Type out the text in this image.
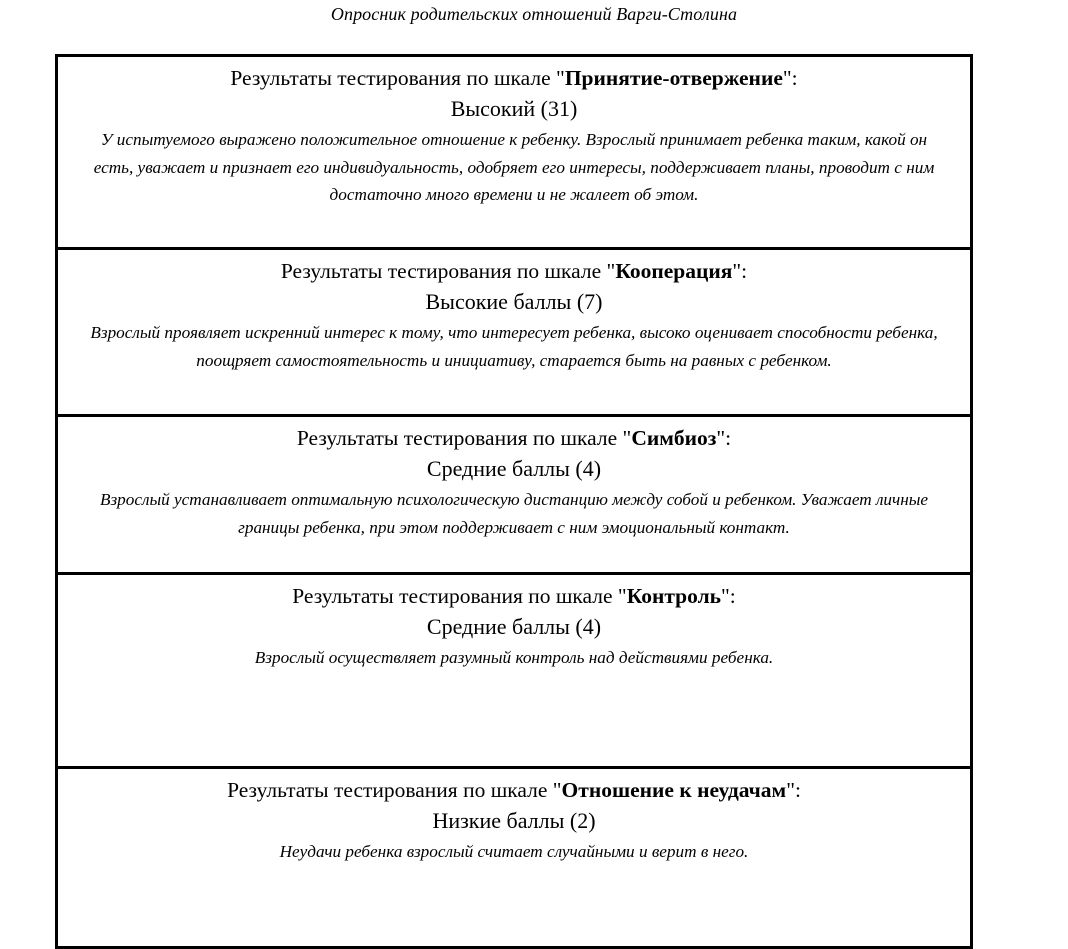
Опросник родительских отношений Варги-Столина

Результаты тестирования по шкале "Принятие-отвержение":

Высокий (31)

У испытуемого выражено положительное отношение к ребенку. Взрослый принимает ребенка таким, какой он есть, уважает и признает его индивидуальность, одобряет его интересы, поддерживает планы, проводит с ним достаточно много времени и не жалеет об этом.

Результаты тестирования по шкале "Кооперация":

Высокие баллы (7)

Взрослый проявляет искренний интерес к тому, что интересует ребенка, высоко оценивает способности ребенка, поощряет самостоятельность и инициативу, старается быть на равных с ребенком.

Результаты тестирования по шкале "Симбиоз":

Средние баллы (4)

Взрослый устанавливает оптимальную психологическую дистанцию между собой и ребенком. Уважает личные границы ребенка, при этом поддерживает с ним эмоциональный контакт.

Результаты тестирования по шкале "Контроль":

Средние баллы (4)

Взрослый осуществляет разумный контроль над действиями ребенка.

Результаты тестирования по шкале "Отношение к неудачам":

Низкие баллы (2)

Неудачи ребенка взрослый считает случайными и верит в него.
